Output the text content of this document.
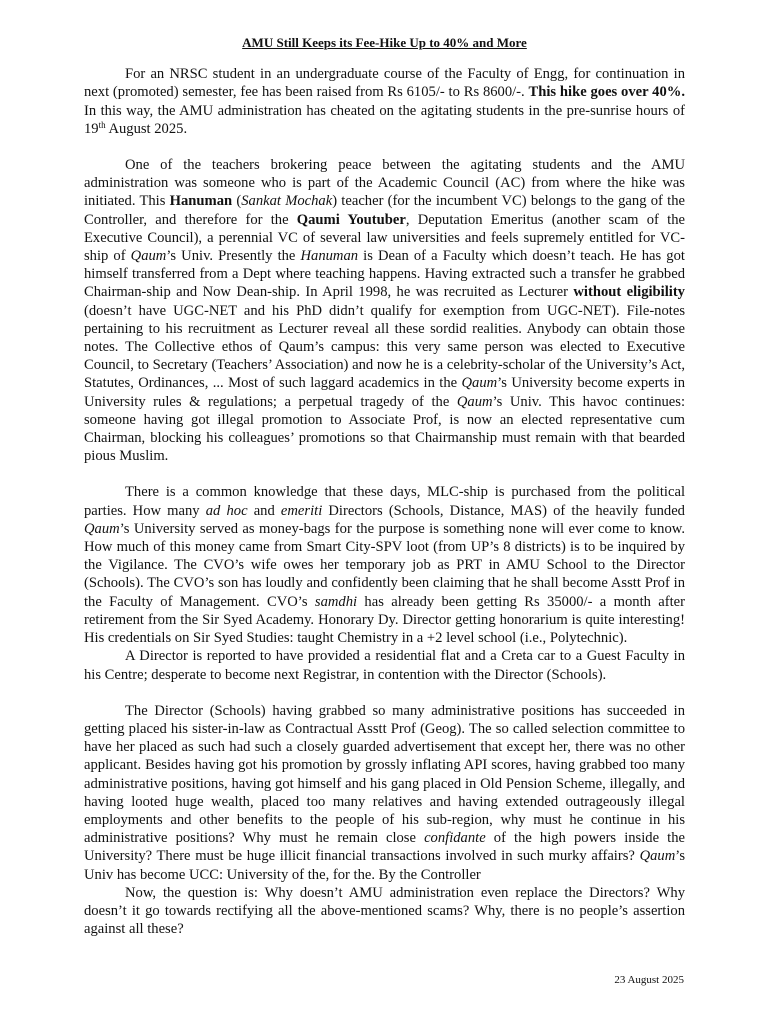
AMU Still Keeps its Fee-Hike Up to 40% and More

For an NRSC student in an undergraduate course of the Faculty of Engg, for continuation in next (promoted) semester, fee has been raised from Rs 6105/- to Rs 8600/-. This hike goes over 40%. In this way, the AMU administration has cheated on the agitating students in the pre-sunrise hours of 19th August 2025.

One of the teachers brokering peace between the agitating students and the AMU administration was someone who is part of the Academic Council (AC) from where the hike was initiated. This Hanuman (Sankat Mochak) teacher (for the incumbent VC) belongs to the gang of the Controller, and therefore for the Qaumi Youtuber, Deputation Emeritus (another scam of the Executive Council), a perennial VC of several law universities and feels supremely entitled for VC-ship of Qaum’s Univ. Presently the Hanuman is Dean of a Faculty which doesn’t teach. He has got himself transferred from a Dept where teaching happens. Having extracted such a transfer he grabbed Chairman-ship and Now Dean-ship. In April 1998, he was recruited as Lecturer without eligibility (doesn’t have UGC-NET and his PhD didn’t qualify for exemption from UGC-NET). File-notes pertaining to his recruitment as Lecturer reveal all these sordid realities. Anybody can obtain those notes. The Collective ethos of Qaum’s campus: this very same person was elected to Executive Council, to Secretary (Teachers’ Association) and now he is a celebrity-scholar of the University’s Act, Statutes, Ordinances, ... Most of such laggard academics in the Qaum’s University become experts in University rules & regulations; a perpetual tragedy of the Qaum’s Univ. This havoc continues: someone having got illegal promotion to Associate Prof, is now an elected representative cum Chairman, blocking his colleagues’ promotions so that Chairmanship must remain with that bearded pious Muslim.

There is a common knowledge that these days, MLC-ship is purchased from the political parties. How many ad hoc and emeriti Directors (Schools, Distance, MAS) of the heavily funded Qaum’s University served as money-bags for the purpose is something none will ever come to know. How much of this money came from Smart City-SPV loot (from UP’s 8 districts) is to be inquired by the Vigilance. The CVO’s wife owes her temporary job as PRT in AMU School to the Director (Schools). The CVO’s son has loudly and confidently been claiming that he shall become Asstt Prof in the Faculty of Management. CVO’s samdhi has already been getting Rs 35000/- a month after retirement from the Sir Syed Academy. Honorary Dy. Director getting honorarium is quite interesting! His credentials on Sir Syed Studies: taught Chemistry in a +2 level school (i.e., Polytechnic).

A Director is reported to have provided a residential flat and a Creta car to a Guest Faculty in his Centre; desperate to become next Registrar, in contention with the Director (Schools).

The Director (Schools) having grabbed so many administrative positions has succeeded in getting placed his sister-in-law as Contractual Asstt Prof (Geog). The so called selection committee to have her placed as such had such a closely guarded advertisement that except her, there was no other applicant. Besides having got his promotion by grossly inflating API scores, having grabbed too many administrative positions, having got himself and his gang placed in Old Pension Scheme, illegally, and having looted huge wealth, placed too many relatives and having extended outrageously illegal employments and other benefits to the people of his sub-region, why must he continue in his administrative positions? Why must he remain close confidante of the high powers inside the University? There must be huge illicit financial transactions involved in such murky affairs? Qaum’s Univ has become UCC: University of the, for the. By the Controller

Now, the question is: Why doesn’t AMU administration even replace the Directors? Why doesn’t it go towards rectifying all the above-mentioned scams? Why, there is no people’s assertion against all these?

23 August 2025
